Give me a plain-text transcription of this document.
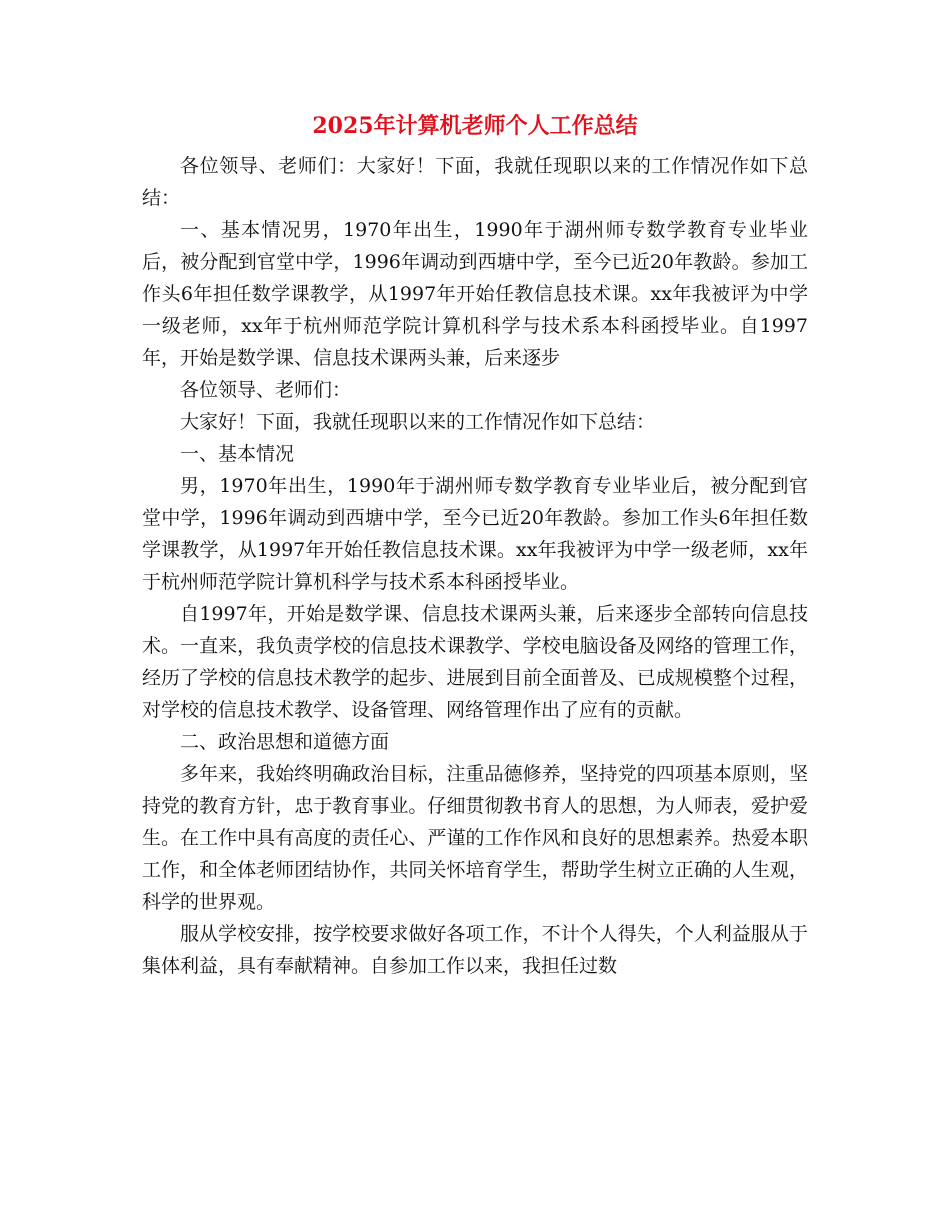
2025年计算机老师个人工作总结

各位领导、老师们：大家好！下面，我就任现职以来的工作情况作如下总结：

一、基本情况男，1970年出生，1990年于湖州师专数学教育专业毕业后，被分配到官堂中学，1996年调动到西塘中学，至今已近20年教龄。参加工作头6年担任数学课教学，从1997年开始任教信息技术课。xx年我被评为中学一级老师，xx年于杭州师范学院计算机科学与技术系本科函授毕业。自1997年，开始是数学课、信息技术课两头兼，后来逐步

各位领导、老师们：

大家好！下面，我就任现职以来的工作情况作如下总结：

一、基本情况

男，1970年出生，1990年于湖州师专数学教育专业毕业后，被分配到官堂中学，1996年调动到西塘中学，至今已近20年教龄。参加工作头6年担任数学课教学，从1997年开始任教信息技术课。xx年我被评为中学一级老师，xx年于杭州师范学院计算机科学与技术系本科函授毕业。

自1997年，开始是数学课、信息技术课两头兼，后来逐步全部转向信息技术。一直来，我负责学校的信息技术课教学、学校电脑设备及网络的管理工作，经历了学校的信息技术教学的起步、进展到目前全面普及、已成规模整个过程，对学校的信息技术教学、设备管理、网络管理作出了应有的贡献。

二、政治思想和道德方面

多年来，我始终明确政治目标，注重品德修养，坚持党的四项基本原则，坚持党的教育方针，忠于教育事业。仔细贯彻教书育人的思想，为人师表，爱护爱生。在工作中具有高度的责任心、严谨的工作作风和良好的思想素养。热爱本职工作，和全体老师团结协作，共同关怀培育学生，帮助学生树立正确的人生观，科学的世界观。

服从学校安排，按学校要求做好各项工作，不计个人得失，个人利益服从于集体利益，具有奉献精神。自参加工作以来，我担任过数
